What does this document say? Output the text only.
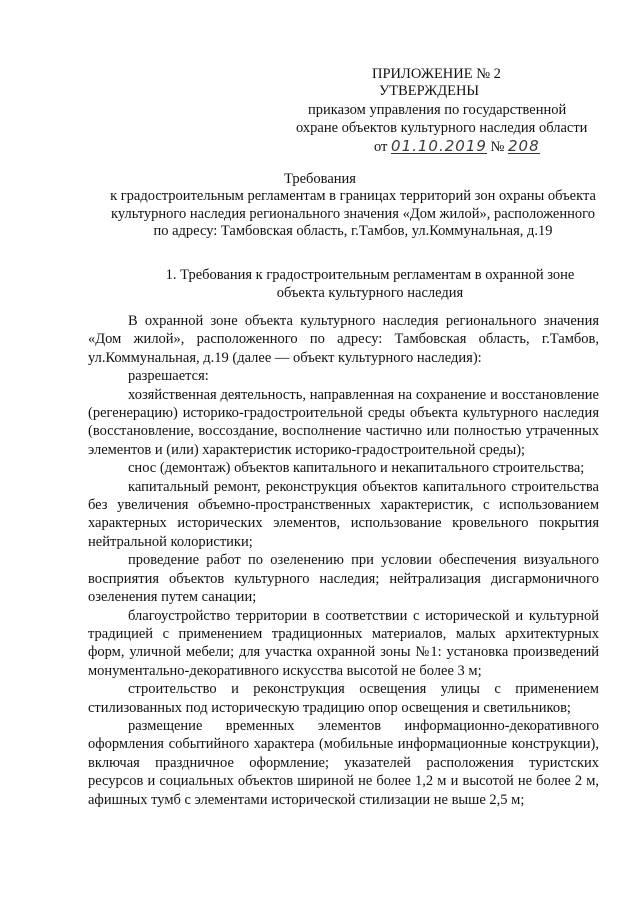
ПРИЛОЖЕНИЕ № 2
УТВЕРЖДЕНЫ
приказом управления по государственной
охране объектов культурного наследия области
от 01.10.2019 № 208
Требования
к градостроительным регламентам в границах территорий зон охраны объекта культурного наследия регионального значения «Дом жилой», расположенного по адресу: Тамбовская область, г.Тамбов, ул.Коммунальная, д.19
1. Требования к градостроительным регламентам в охранной зоне объекта культурного наследия

В охранной зоне объекта культурного наследия регионального значения «Дом жилой», расположенного по адресу: Тамбовская область, г.Тамбов, ул.Коммунальная, д.19 (далее — объект культурного наследия):

разрешается:

хозяйственная деятельность, направленная на сохранение и восстановление (регенерацию) историко-градостроительной среды объекта культурного наследия (восстановление, воссоздание, восполнение частично или полностью утраченных элементов и (или) характеристик историко-градостроительной среды);

снос (демонтаж) объектов капитального и некапитального строительства;

капитальный ремонт, реконструкция объектов капитального строительства без увеличения объемно-пространственных характеристик, с использованием характерных исторических элементов, использование кровельного покрытия нейтральной колористики;

проведение работ по озеленению при условии обеспечения визуального восприятия объектов культурного наследия; нейтрализация дисгармоничного озеленения путем санации;

благоустройство территории в соответствии с исторической и культурной традицией с применением традиционных материалов, малых архитектурных форм, уличной мебели; для участка охранной зоны №1: установка произведений монументально-декоративного искусства высотой не более 3 м;

строительство и реконструкция освещения улицы с применением стилизованных под историческую традицию опор освещения и светильников;

размещение временных элементов информационно-декоративного оформления событийного характера (мобильные информационные конструкции), включая праздничное оформление; указателей расположения туристских ресурсов и социальных объектов шириной не более 1,2 м и высотой не более 2 м, афишных тумб с элементами исторической стилизации не выше 2,5 м;
